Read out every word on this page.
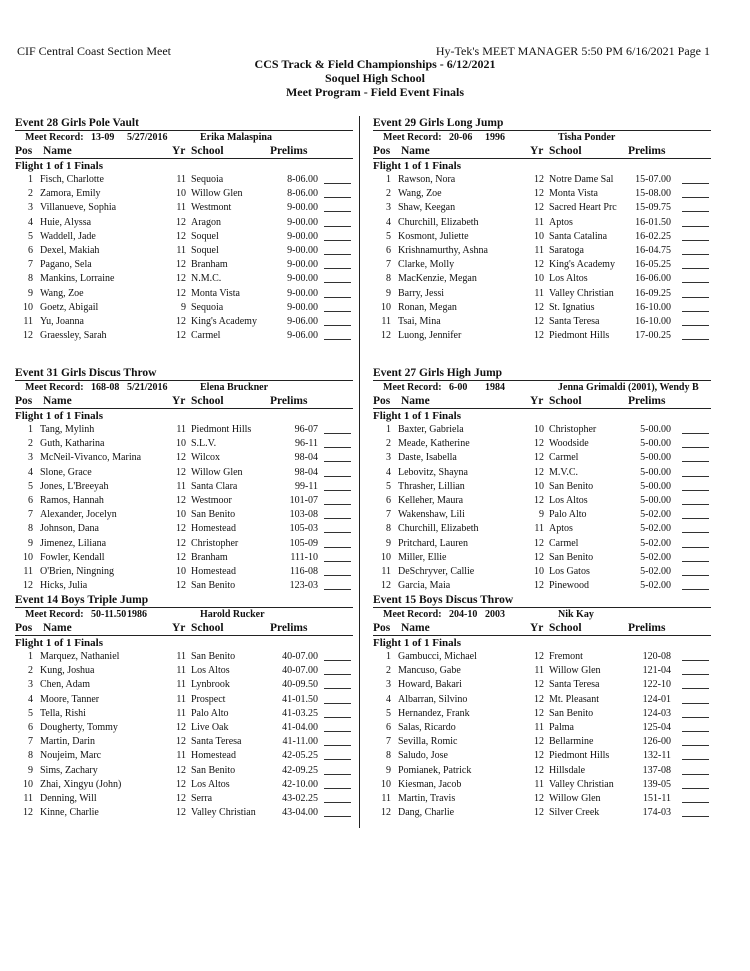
CIF Central Coast Section Meet	Hy-Tek's MEET MANAGER 5:50 PM 6/16/2021 Page 1
CCS Track & Field Championships - 6/12/2021
Soquel High School
Meet Program - Field Event Finals
Event 28 Girls Pole Vault
Meet Record: 13-09 5/27/2016	Erika Malaspina
Pos Name	Yr School	Prelims
Flight 1 of 1 Finals
1 Fisch, Charlotte	11 Sequoia	8-06.00
2 Zamora, Emily	10 Willow Glen	8-06.00
3 Villanueve, Sophia	11 Westmont	9-00.00
4 Huie, Alyssa	12 Aragon	9-00.00
5 Waddell, Jade	12 Soquel	9-00.00
6 Dexel, Makiah	11 Soquel	9-00.00
7 Pagano, Sela	12 Branham	9-00.00
8 Mankins, Lorraine	12 N.M.C.	9-00.00
9 Wang, Zoe	12 Monta Vista	9-00.00
10 Goetz, Abigail	9 Sequoia	9-00.00
11 Yu, Joanna	12 King's Academy	9-06.00
12 Graessley, Sarah	12 Carmel	9-06.00
Event 31 Girls Discus Throw
Meet Record: 168-08 5/21/2016	Elena Bruckner
Pos Name	Yr School	Prelims
Flight 1 of 1 Finals
1 Tang, Mylinh	11 Piedmont Hills	96-07
2 Guth, Katharina	10 S.L.V.	96-11
3 McNeil-Vivanco, Marina	12 Wilcox	98-04
4 Slone, Grace	12 Willow Glen	98-04
5 Jones, L'Breeyah	11 Santa Clara	99-11
6 Ramos, Hannah	12 Westmoor	101-07
7 Alexander, Jocelyn	10 San Benito	103-08
8 Johnson, Dana	12 Homestead	105-03
9 Jimenez, Liliana	12 Christopher	105-09
10 Fowler, Kendall	12 Branham	111-10
11 O'Brien, Ningning	10 Homestead	116-08
12 Hicks, Julia	12 San Benito	123-03
Event 14 Boys Triple Jump
Meet Record: 50-11.50 1986	Harold Rucker
Pos Name	Yr School	Prelims
Flight 1 of 1 Finals
1 Marquez, Nathaniel	11 San Benito	40-07.00
2 Kung, Joshua	11 Los Altos	40-07.00
3 Chen, Adam	11 Lynbrook	40-09.50
4 Moore, Tanner	11 Prospect	41-01.50
5 Tella, Rishi	11 Palo Alto	41-03.25
6 Dougherty, Tommy	12 Live Oak	41-04.00
7 Martin, Darin	12 Santa Teresa	41-11.00
8 Noujeim, Marc	11 Homestead	42-05.25
9 Sims, Zachary	12 San Benito	42-09.25
10 Zhai, Xingyu (John)	12 Los Altos	42-10.00
11 Denning, Will	12 Serra	43-02.25
12 Kinne, Charlie	12 Valley Christian	43-04.00
Event 29 Girls Long Jump
Meet Record: 20-06 1996	Tisha Ponder
Pos Name	Yr School	Prelims
Flight 1 of 1 Finals
1 Rawson, Nora	12 Notre Dame Sal	15-07.00
2 Wang, Zoe	12 Monta Vista	15-08.00
3 Shaw, Keegan	12 Sacred Heart Prc	15-09.75
4 Churchill, Elizabeth	11 Aptos	16-01.50
5 Kosmont, Juliette	10 Santa Catalina	16-02.25
6 Krishnamurthy, Ashna	11 Saratoga	16-04.75
7 Clarke, Molly	12 King's Academy	16-05.25
8 MacKenzie, Megan	10 Los Altos	16-06.00
9 Barry, Jessi	11 Valley Christian	16-09.25
10 Ronan, Megan	12 St. Ignatius	16-10.00
11 Tsai, Mina	12 Santa Teresa	16-10.00
12 Luong, Jennifer	12 Piedmont Hills	17-00.25
Event 27 Girls High Jump
Meet Record: 6-00 1984	Jenna Grimaldi (2001), Wendy B
Pos Name	Yr School	Prelims
Flight 1 of 1 Finals
1 Baxter, Gabriela	10 Christopher	5-00.00
2 Meade, Katherine	12 Woodside	5-00.00
3 Daste, Isabella	12 Carmel	5-00.00
4 Lebovitz, Shayna	12 M.V.C.	5-00.00
5 Thrasher, Lillian	10 San Benito	5-00.00
6 Kelleher, Maura	12 Los Altos	5-00.00
7 Wakenshaw, Lili	9 Palo Alto	5-02.00
8 Churchill, Elizabeth	11 Aptos	5-02.00
9 Pritchard, Lauren	12 Carmel	5-02.00
10 Miller, Ellie	12 San Benito	5-02.00
11 DeSchryver, Callie	10 Los Gatos	5-02.00
12 Garcia, Maia	12 Pinewood	5-02.00
Event 15 Boys Discus Throw
Meet Record: 204-10 2003	Nik Kay
Pos Name	Yr School	Prelims
Flight 1 of 1 Finals
1 Gambucci, Michael	12 Fremont	120-08
2 Mancuso, Gabe	11 Willow Glen	121-04
3 Howard, Bakari	12 Santa Teresa	122-10
4 Albarran, Silvino	12 Mt. Pleasant	124-01
5 Hernandez, Frank	12 San Benito	124-03
6 Salas, Ricardo	11 Palma	125-04
7 Sevilla, Romic	12 Bellarmine	126-00
8 Saludo, Jose	12 Piedmont Hills	132-11
9 Pomianek, Patrick	12 Hillsdale	137-08
10 Kiesman, Jacob	11 Valley Christian	139-05
11 Martin, Travis	12 Willow Glen	151-11
12 Dang, Charlie	12 Silver Creek	174-03
